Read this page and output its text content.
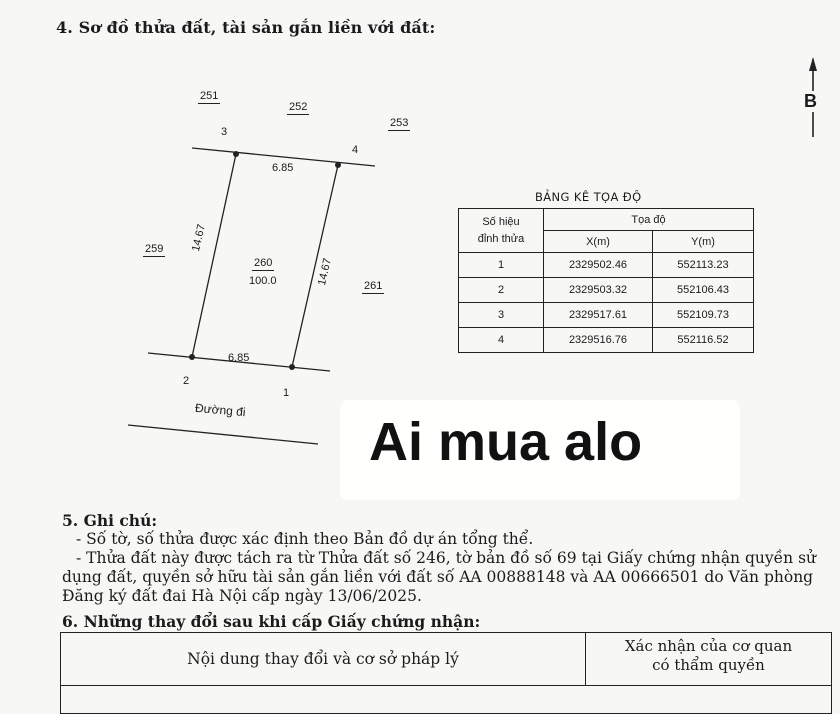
4. Sơ đồ thửa đất, tài sản gắn liền với đất:
B
251
252
253
259
261
3
4
2
1
6.85
6.85
14.67
14.67
260
100.0
Đường đi
BẢNG KÊ TỌA ĐỘ
Số hiệu
đỉnh thửa	Tọa độ	
	X(m)	Y(m)
1	2329502.46	552113.23
2	2329503.32	552106.43
3	2329517.61	552109.73
4	2329516.76	552116.52
Ai mua alo
5. Ghi chú:
- Số tờ, số thửa được xác định theo Bản đồ dự án tổng thể.
- Thửa đất này được tách ra từ Thửa đất số 246, tờ bản đồ số 69 tại Giấy chứng nhận quyền sử
dụng đất, quyền sở hữu tài sản gắn liền với đất số AA 00888148 và AA 00666501 do Văn phòng
Đăng ký đất đai Hà Nội cấp ngày 13/06/2025.
6. Những thay đổi sau khi cấp Giấy chứng nhận:
Nội dung thay đổi và cơ sở pháp lý
Xác nhận của cơ quan
có thẩm quyền
